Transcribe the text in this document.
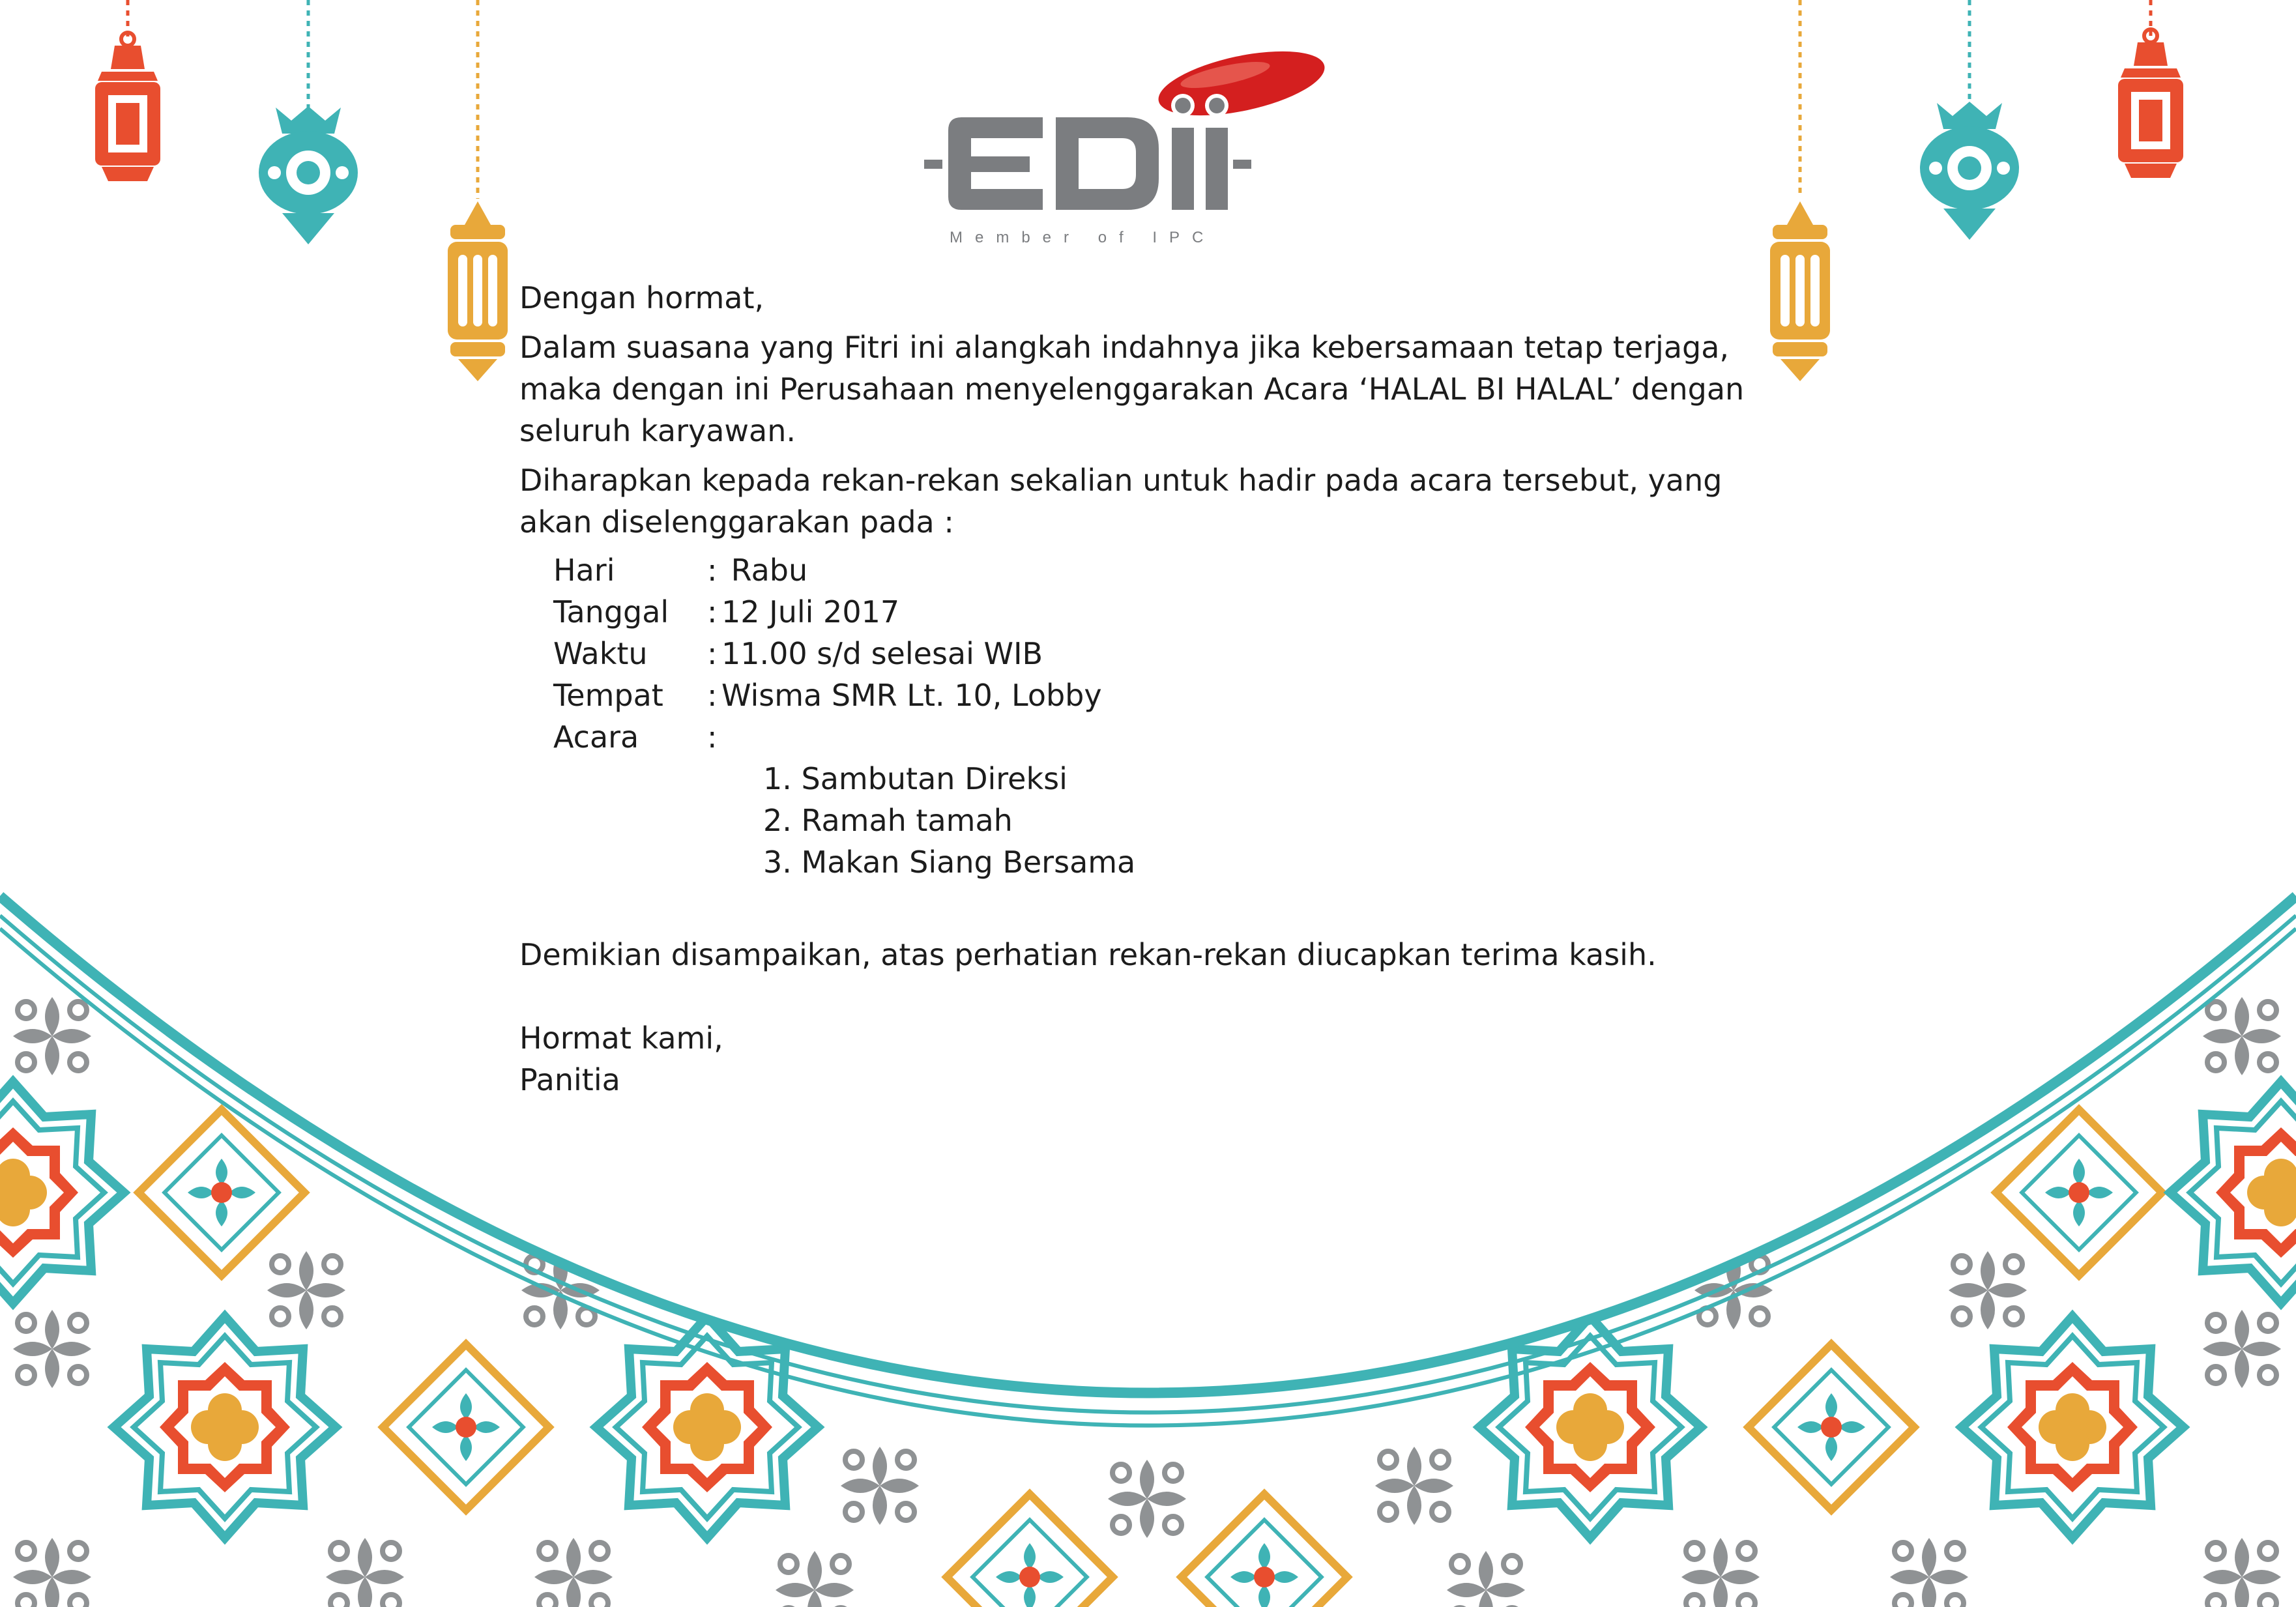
Member of IPC

Dengan hormat,

Dalam suasana yang Fitri ini alangkah indahnya jika kebersamaan tetap terjaga, maka dengan ini Perusahaan menyelenggarakan Acara ‘HALAL BI HALAL’ dengan seluruh karyawan.

Diharapkan kepada rekan-rekan sekalian untuk hadir pada acara tersebut, yang akan diselenggarakan pada :

Hari	: Rabu
Tanggal	: 12 Juli 2017
Waktu	: 11.00 s/d selesai WIB
Tempat	: Wisma SMR Lt. 10, Lobby
Acara	:
1. Sambutan Direksi
2. Ramah tamah
3. Makan Siang Bersama

Demikian disampaikan, atas perhatian rekan-rekan diucapkan terima kasih.

Hormat kami,

Panitia
